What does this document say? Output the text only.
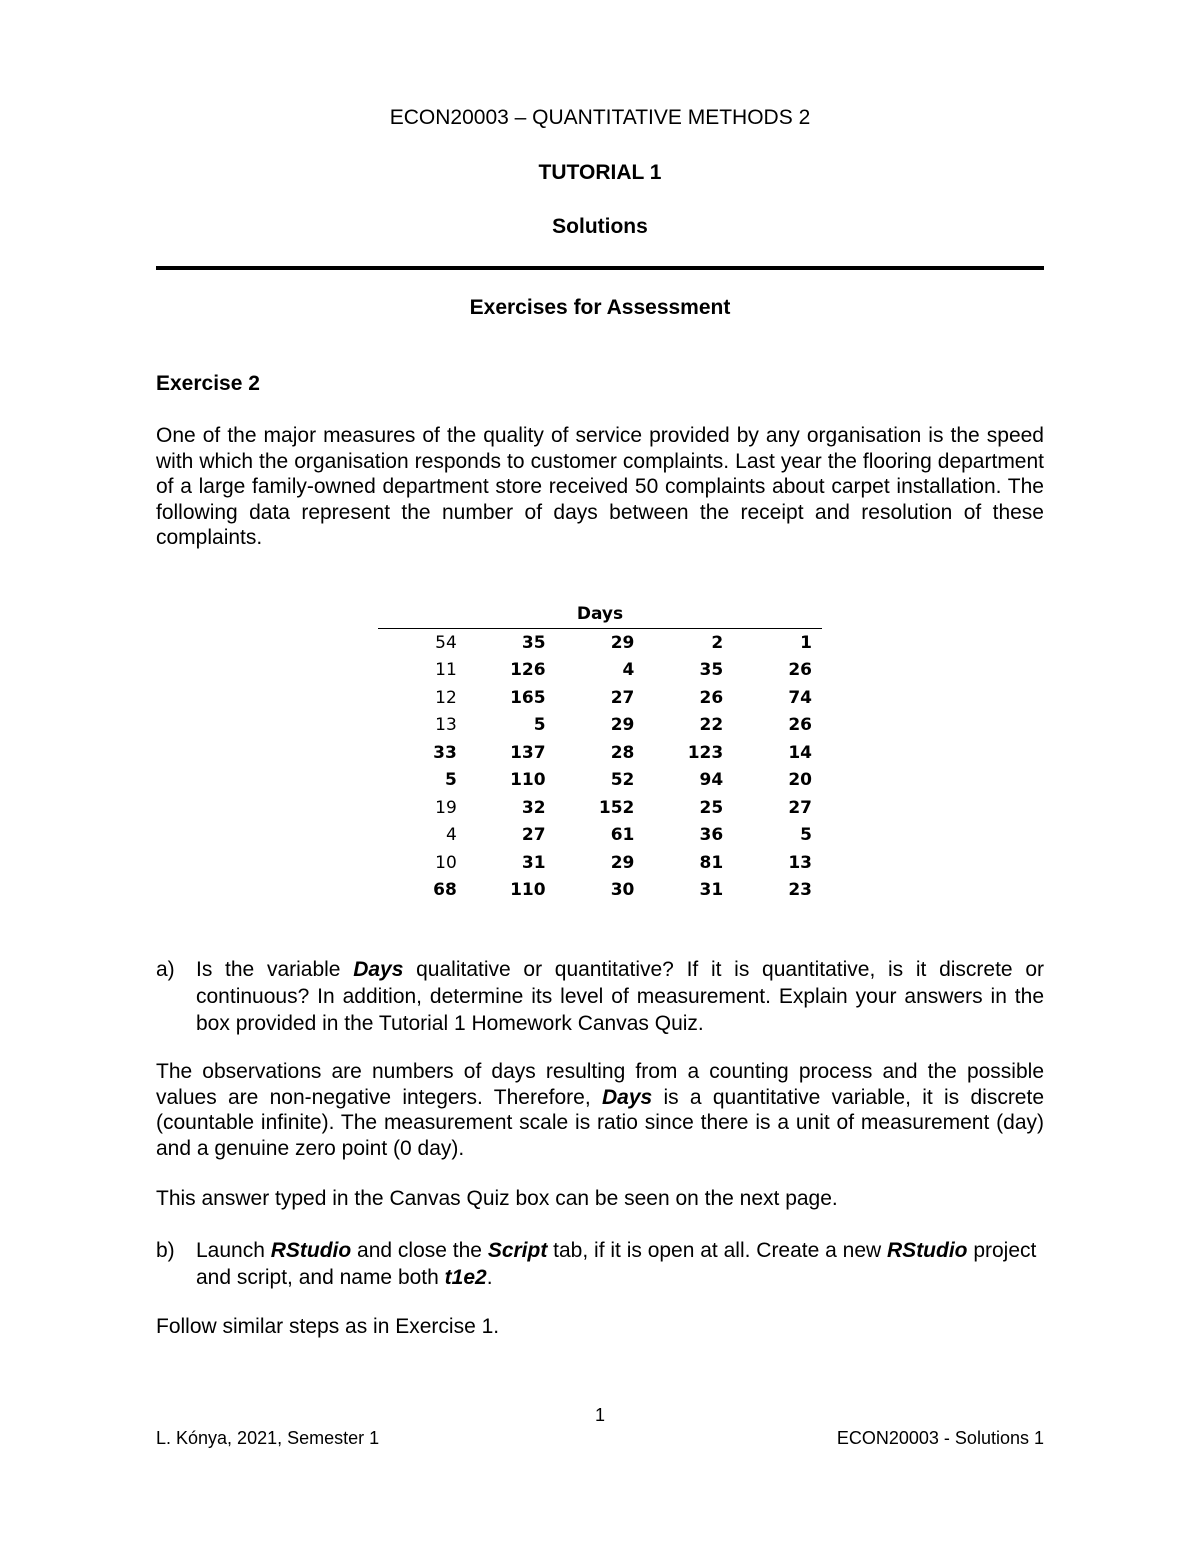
ECON20003 – QUANTITATIVE METHODS 2
TUTORIAL 1
Solutions
Exercises for Assessment
Exercise 2
One of the major measures of the quality of service provided by any organisation is the speed with which the organisation responds to customer complaints. Last year the flooring department of a large family-owned department store received 50 complaints about carpet installation. The following data represent the number of days between the receipt and resolution of these complaints.
Days
54	35	29	2	1
11	126	4	35	26
12	165	27	26	74
13	5	29	22	26
33	137	28	123	14
5	110	52	94	20
19	32	152	25	27
4	27	61	36	5
10	31	29	81	13
68	110	30	31	23
a) Is the variable Days qualitative or quantitative? If it is quantitative, is it discrete or continuous? In addition, determine its level of measurement. Explain your answers in the box provided in the Tutorial 1 Homework Canvas Quiz.
The observations are numbers of days resulting from a counting process and the possible values are non-negative integers. Therefore, Days is a quantitative variable, it is discrete (countable infinite). The measurement scale is ratio since there is a unit of measurement (day) and a genuine zero point (0 day).
This answer typed in the Canvas Quiz box can be seen on the next page.
b) Launch RStudio and close the Script tab, if it is open at all. Create a new RStudio project and script, and name both t1e2.
Follow similar steps as in Exercise 1.
1
L. Kónya, 2021, Semester 1	ECON20003 - Solutions 1
